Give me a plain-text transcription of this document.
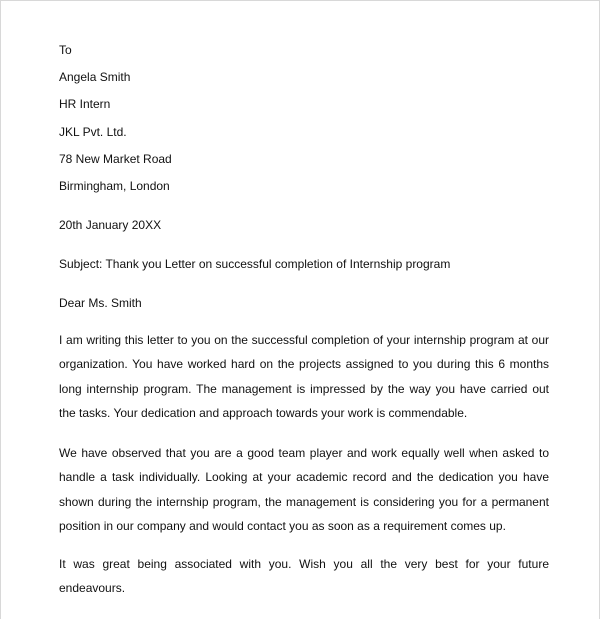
To
Angela Smith
HR Intern
JKL Pvt. Ltd.
78 New Market Road
Birmingham, London
20th January 20XX
Subject: Thank you Letter on successful completion of Internship program
Dear Ms. Smith
I am writing this letter to you on the successful completion of your internship program at our organization. You have worked hard on the projects assigned to you during this 6 months long internship program. The management is impressed by the way you have carried out the tasks. Your dedication and approach towards your work is commendable.
We have observed that you are a good team player and work equally well when asked to handle a task individually. Looking at your academic record and the dedication you have shown during the internship program, the management is considering you for a permanent position in our company and would contact you as soon as a requirement comes up.
It was great being associated with you. Wish you all the very best for your future endeavours.
